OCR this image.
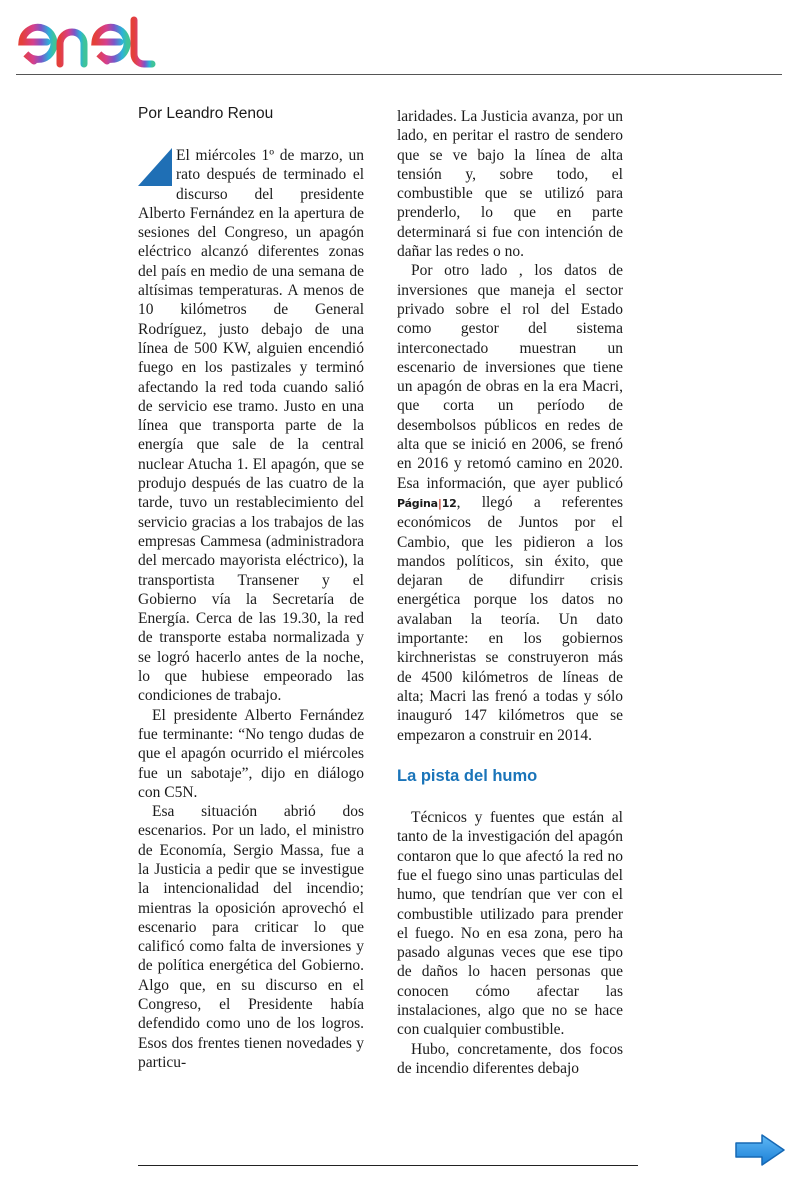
Por Leandro Renou

El miércoles 1º de marzo, un rato después de terminado el discurso del presidente Alberto Fernández en la apertura de sesiones del Congreso, un apagón eléctrico alcanzó diferentes zonas del país en medio de una semana de altísimas temperaturas. A menos de 10 kilómetros de General Rodríguez, justo debajo de una línea de 500 KW, alguien encendió fuego en los pastizales y terminó afectando la red toda cuando salió de servicio ese tramo. Justo en una línea que transporta parte de la energía que sale de la central nuclear Atucha 1. El apagón, que se produjo después de las cuatro de la tarde, tuvo un restablecimiento del servicio gracias a los trabajos de las empresas Cammesa (administradora del mercado mayorista eléctrico), la transportista Transener y el Gobierno vía la Secretaría de Energía. Cerca de las 19.30, la red de transporte estaba normalizada y se logró hacerlo antes de la noche, lo que hubiese empeorado las condiciones de trabajo.

El presidente Alberto Fernández fue terminante: “No tengo dudas de que el apagón ocurrido el miércoles fue un sabotaje”, dijo en diálogo con C5N.

Esa situación abrió dos escenarios. Por un lado, el ministro de Economía, Sergio Massa, fue a la Justicia a pedir que se investigue la intencionalidad del incendio; mientras la oposición aprovechó el escenario para criticar lo que calificó como falta de inversiones y de política energética del Gobierno. Algo que, en su discurso en el Congreso, el Presidente había defendido como uno de los logros. Esos dos frentes tienen novedades y particu-

laridades. La Justicia avanza, por un lado, en peritar el rastro de sendero que se ve bajo la línea de alta tensión y, sobre todo, el combustible que se utilizó para prenderlo, lo que en parte determinará si fue con intención de dañar las redes o no.

Por otro lado , los datos de inversiones que maneja el sector privado sobre el rol del Estado como gestor del sistema interconectado muestran un escenario de inversiones que tiene un apagón de obras en la era Macri, que corta un período de desembolsos públicos en redes de alta que se inició en 2006, se frenó en 2016 y retomó camino en 2020. Esa información, que ayer publicó Página|12, llegó a referentes económicos de Juntos por el Cambio, que les pidieron a los mandos políticos, sin éxito, que dejaran de difundirr crisis energética porque los datos no avalaban la teoría. Un dato importante: en los gobiernos kirchneristas se construyeron más de 4500 kilómetros de líneas de alta; Macri las frenó a todas y sólo inauguró 147 kilómetros que se empezaron a construir en 2014.

La pista del humo

Técnicos y fuentes que están al tanto de la investigación del apagón contaron que lo que afectó la red no fue el fuego sino unas particulas del humo, que tendrían que ver con el combustible utilizado para prender el fuego. No en esa zona, pero ha pasado algunas veces que ese tipo de daños lo hacen personas que conocen cómo afectar las instalaciones, algo que no se hace con cualquier combustible.

Hubo, concretamente, dos focos de incendio diferentes debajo
